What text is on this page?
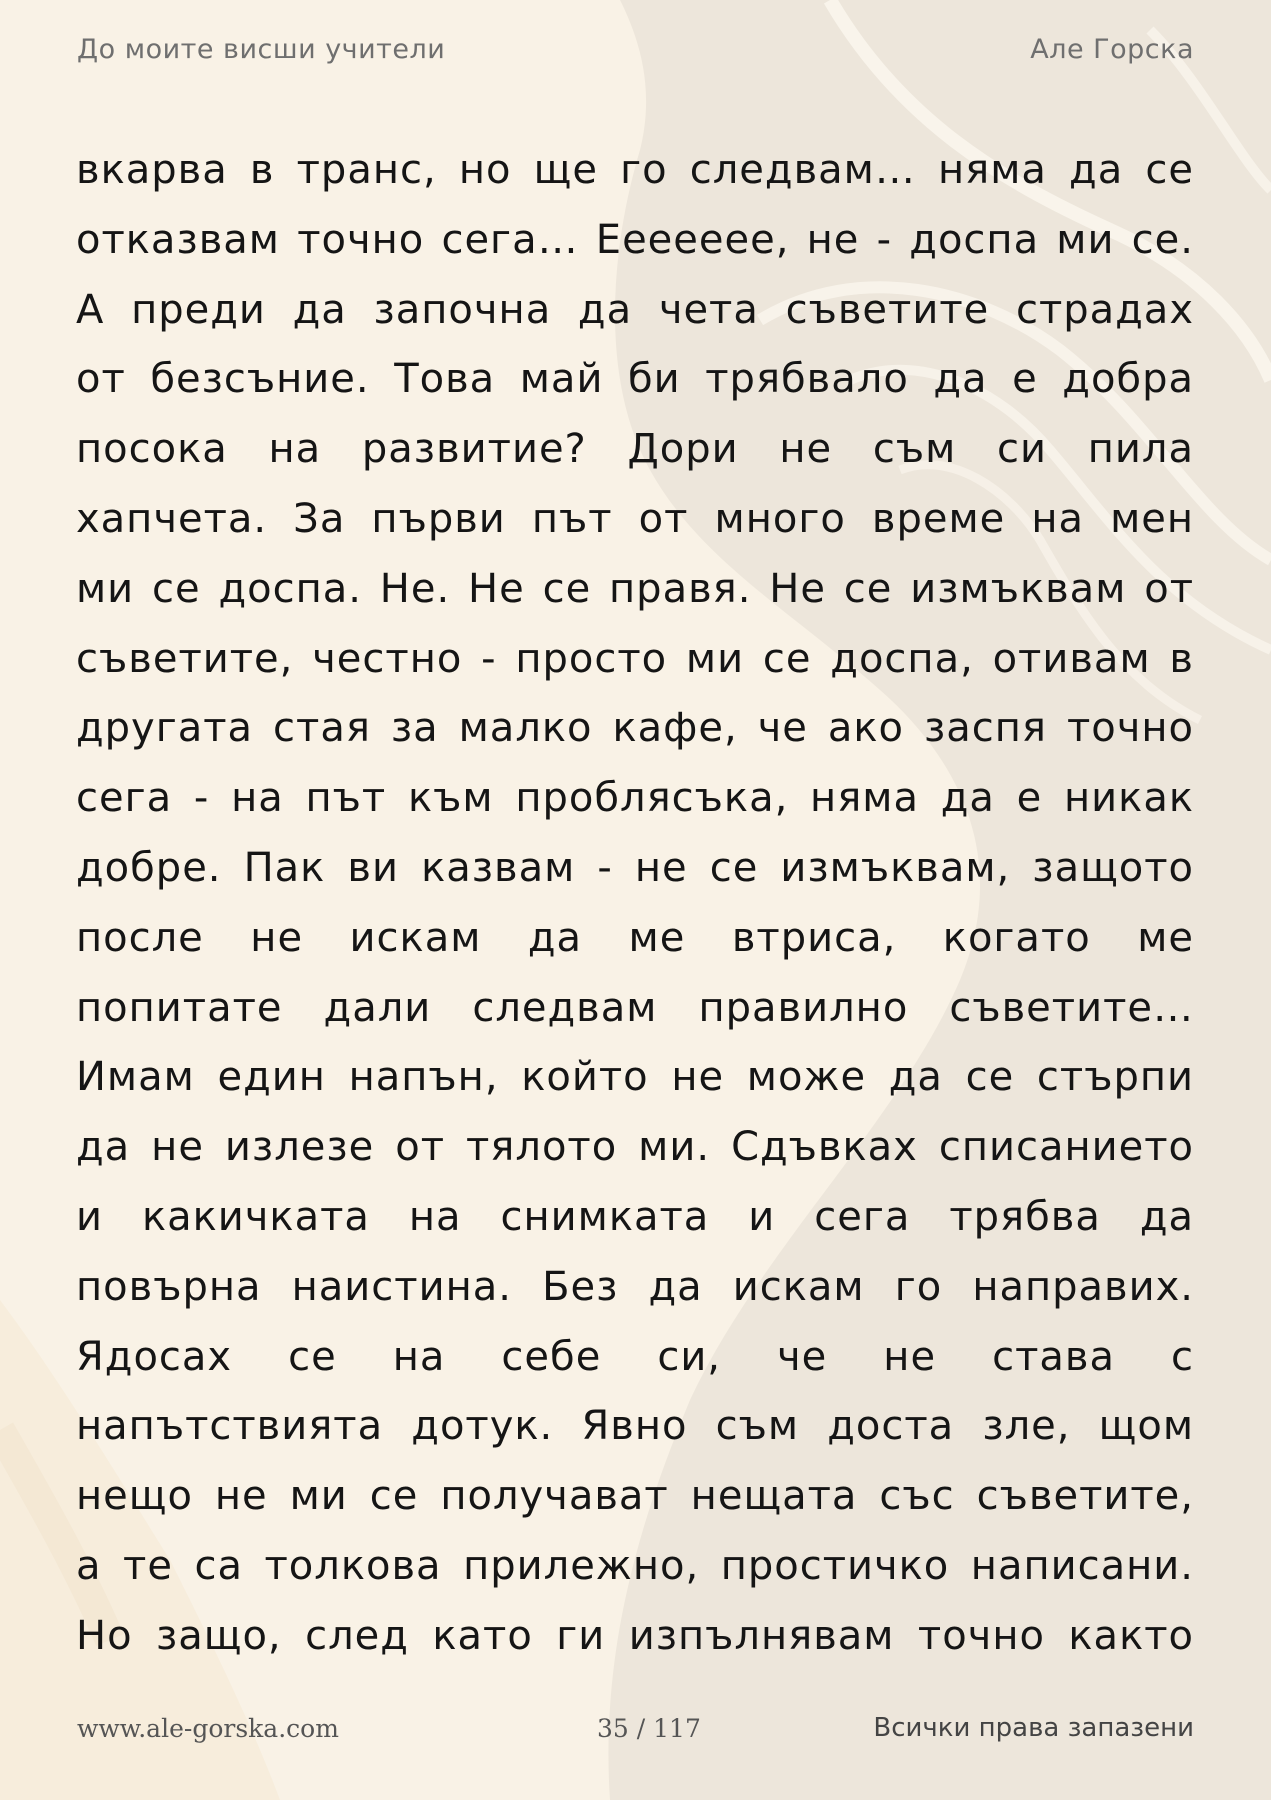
До моите висши учители	Але Горска
вкарва в транс, но ще го следвам… няма да се
отказвам точно сега… Ееееееe, не - доспа ми се.
А преди да започна да чета съветите страдах
от безсъние. Това май би трябвало да е добра
посока на развитие? Дори не съм си пила
хапчета. За първи път от много време на мен
ми се доспа. Не. Не се правя. Не се измъквам от
съветите, честно - просто ми се доспа, отивам в
другата стая за малко кафе, че ако заспя точно
сега - на път към проблясъка, няма да е никак
добре. Пак ви казвам - не се измъквам, защото
после не искам да ме втриса, когато ме
попитате дали следвам правилно съветите…
Имам един напън, който не може да се стърпи
да не излезе от тялото ми. Сдъвках списанието
и какичката на снимката и сега трябва да
повърна наистина. Без да искам го направих.
Ядосах се на себе си, че не става с
напътствията дотук. Явно съм доста зле, щом
нещо не ми се получават нещата със съветите,
а те са толкова прилежно, простичко написани.
Но защо, след като ги изпълнявам точно както
www.ale-gorska.com	35 / 117	Всички права запазени
